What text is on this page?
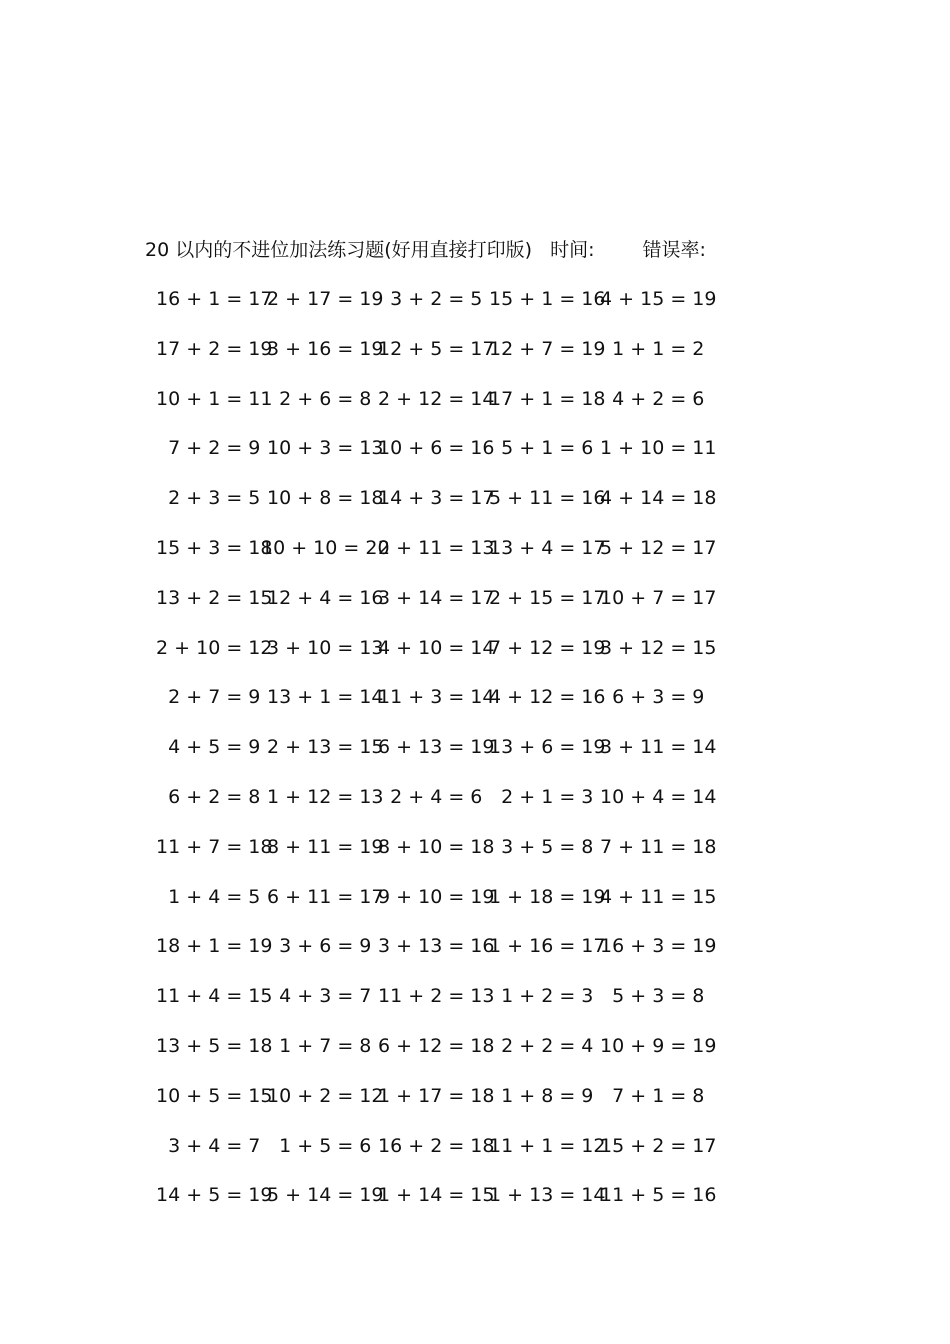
20 以内的不进位加法练习题(好用直接打印版) 时间:	错误率:
16 + 1 = 17
2 + 17 = 19
3 + 2 = 5 15 + 1 = 16
4 + 15 = 19
17 + 2 = 19
3 + 16 = 19
12 + 5 = 17
12 + 7 = 19
1 + 1 = 2
10 + 1 = 11
2 + 6 = 8 2 + 12 = 14
17 + 1 = 18
4 + 2 = 6
7 + 2 = 9 10 + 3 = 13
10 + 6 = 16
5 + 1 = 6 1 + 10 = 11
2 + 3 = 5 10 + 8 = 18
14 + 3 = 17
5 + 11 = 16
4 + 14 = 18
15 + 3 = 18
10 + 10 = 20
2 + 11 = 13
13 + 4 = 17
5 + 12 = 17
13 + 2 = 15
12 + 4 = 16
3 + 14 = 17
2 + 15 = 17
10 + 7 = 17
2 + 10 = 12
3 + 10 = 13
4 + 10 = 14
7 + 12 = 19
3 + 12 = 15
2 + 7 = 9 13 + 1 = 14
11 + 3 = 14
4 + 12 = 16
6 + 3 = 9
4 + 5 = 9 2 + 13 = 15
6 + 13 = 19
13 + 6 = 19
3 + 11 = 14
6 + 2 = 8 1 + 12 = 13
2 + 4 = 6 2 + 1 = 3 10 + 4 = 14
11 + 7 = 18
8 + 11 = 19
8 + 10 = 18
3 + 5 = 8 7 + 11 = 18
1 + 4 = 5 6 + 11 = 17
9 + 10 = 19
1 + 18 = 19
4 + 11 = 15
18 + 1 = 19
3 + 6 = 9 3 + 13 = 16
1 + 16 = 17
16 + 3 = 19
11 + 4 = 15
4 + 3 = 7 11 + 2 = 13
1 + 2 = 3 5 + 3 = 8
13 + 5 = 18
1 + 7 = 8 6 + 12 = 18
2 + 2 = 4 10 + 9 = 19
10 + 5 = 15
10 + 2 = 12
1 + 17 = 18
1 + 8 = 9 7 + 1 = 8
3 + 4 = 7 1 + 5 = 6 16 + 2 = 18
11 + 1 = 12
15 + 2 = 17
14 + 5 = 19
5 + 14 = 19
1 + 14 = 15
1 + 13 = 14
11 + 5 = 16
